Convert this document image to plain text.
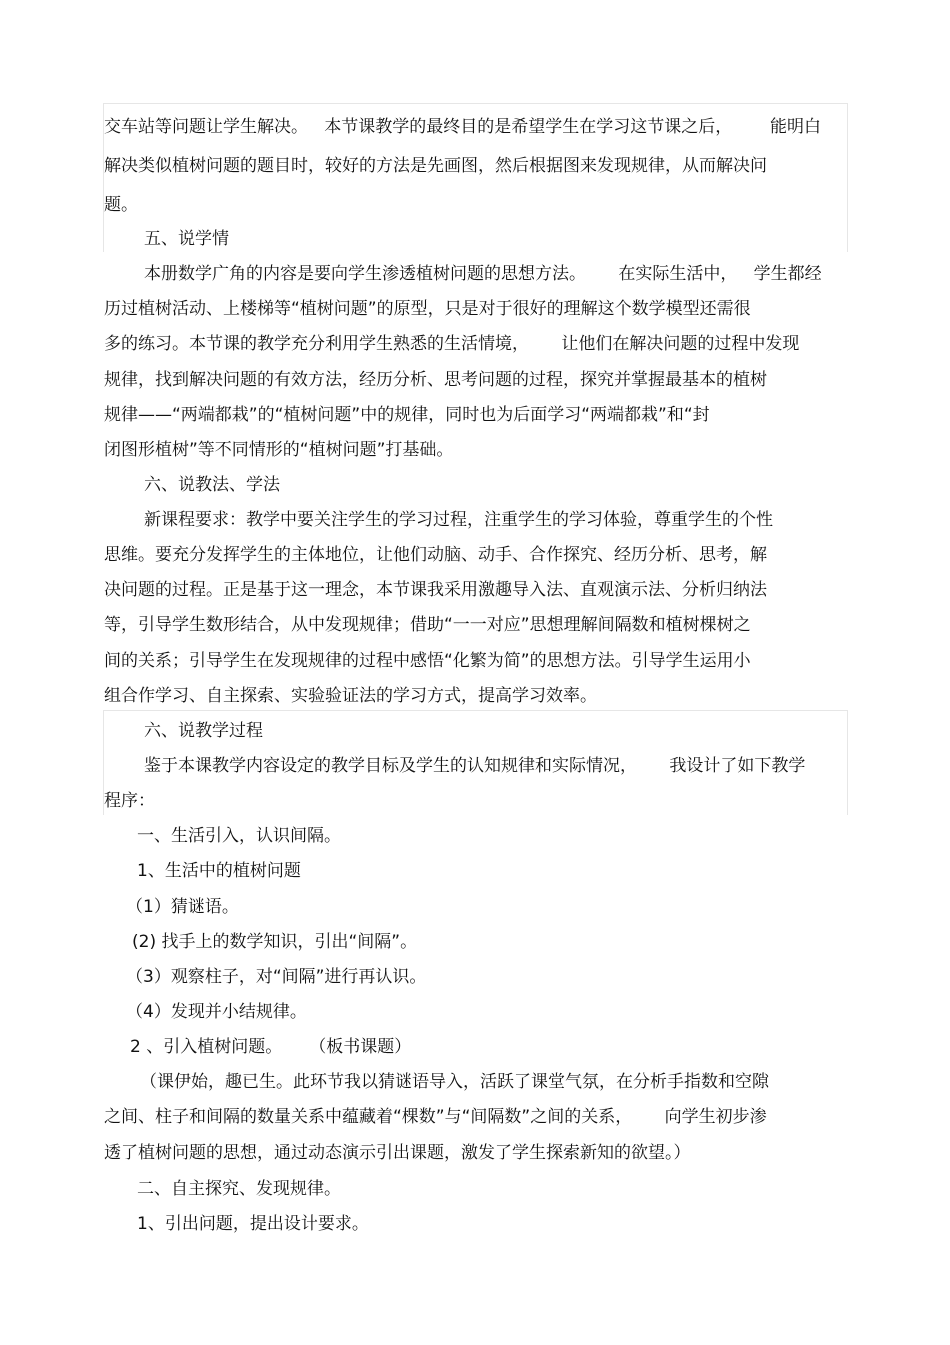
交车站等问题让学生解决。   本节课教学的最终目的是希望学生在学习这节课之后，       能明白
解决类似植树问题的题目时，较好的方法是先画图，然后根据图来发现规律，从而解决问
题。
五、说学情
本册数学广角的内容是要向学生渗透植树问题的思想方法。      在实际生活中，   学生都经
历过植树活动、上楼梯等“植树问题”的原型，只是对于很好的理解这个数学模型还需很
多的练习。本节课的教学充分利用学生熟悉的生活情境，      让他们在解决问题的过程中发现
规律，找到解决问题的有效方法，经历分析、思考问题的过程，探究并掌握最基本的植树
规律——“两端都栽”的“植树问题”中的规律，同时也为后面学习“两端都栽”和“封
闭图形植树”等不同情形的“植树问题”打基础。
六、说教法、学法
新课程要求：教学中要关注学生的学习过程，注重学生的学习体验，尊重学生的个性
思维。要充分发挥学生的主体地位，让他们动脑、动手、合作探究、经历分析、思考，解
决问题的过程。正是基于这一理念，本节课我采用激趣导入法、直观演示法、分析归纳法
等，引导学生数形结合，从中发现规律；借助“一一对应”思想理解间隔数和植树棵树之
间的关系；引导学生在发现规律的过程中感悟“化繁为简”的思想方法。引导学生运用小
组合作学习、自主探索、实验验证法的学习方式，提高学习效率。
六、说教学过程
鉴于本课教学内容设定的教学目标及学生的认知规律和实际情况，      我设计了如下教学
程序：
一、生活引入，认识间隔。
1、生活中的植树问题
（1）猜谜语。
(2) 找手上的数学知识，引出“间隔”。
（3）观察柱子，对“间隔”进行再认识。
（4）发现并小结规律。
2 、引入植树问题。     （板书课题）
（课伊始，趣已生。此环节我以猜谜语导入，活跃了课堂气氛，在分析手指数和空隙
之间、柱子和间隔的数量关系中蕴藏着“棵数”与“间隔数”之间的关系，      向学生初步渗
透了植树问题的思想，通过动态演示引出课题，激发了学生探索新知的欲望。）
二、自主探究、发现规律。
1、引出问题，提出设计要求。
